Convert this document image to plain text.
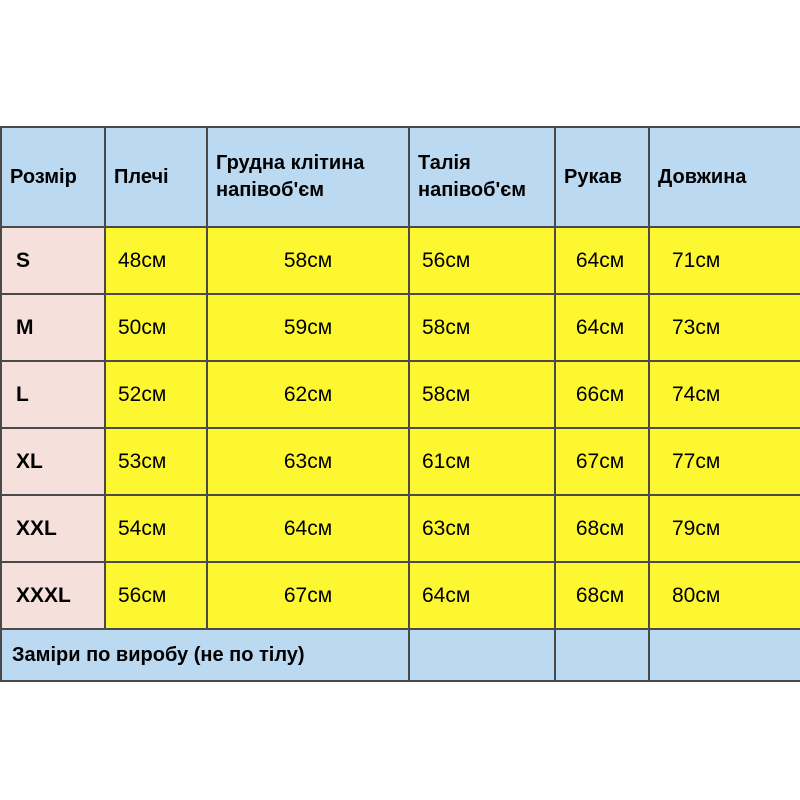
Розмір	Плечі	Грудна клітина напівоб'єм	Талія напівоб'єм	Рукав	Довжина

S	48см	58см	56см	64см	71см

M	50см	59см	58см	64см	73см

L	52см	62см	58см	66см	74см

XL	53см	63см	61см	67см	77см

XXL	54см	64см	63см	68см	79см

XXXL	56см	67см	64см	68см	80см

Заміри по виробу (не по тілу)					
